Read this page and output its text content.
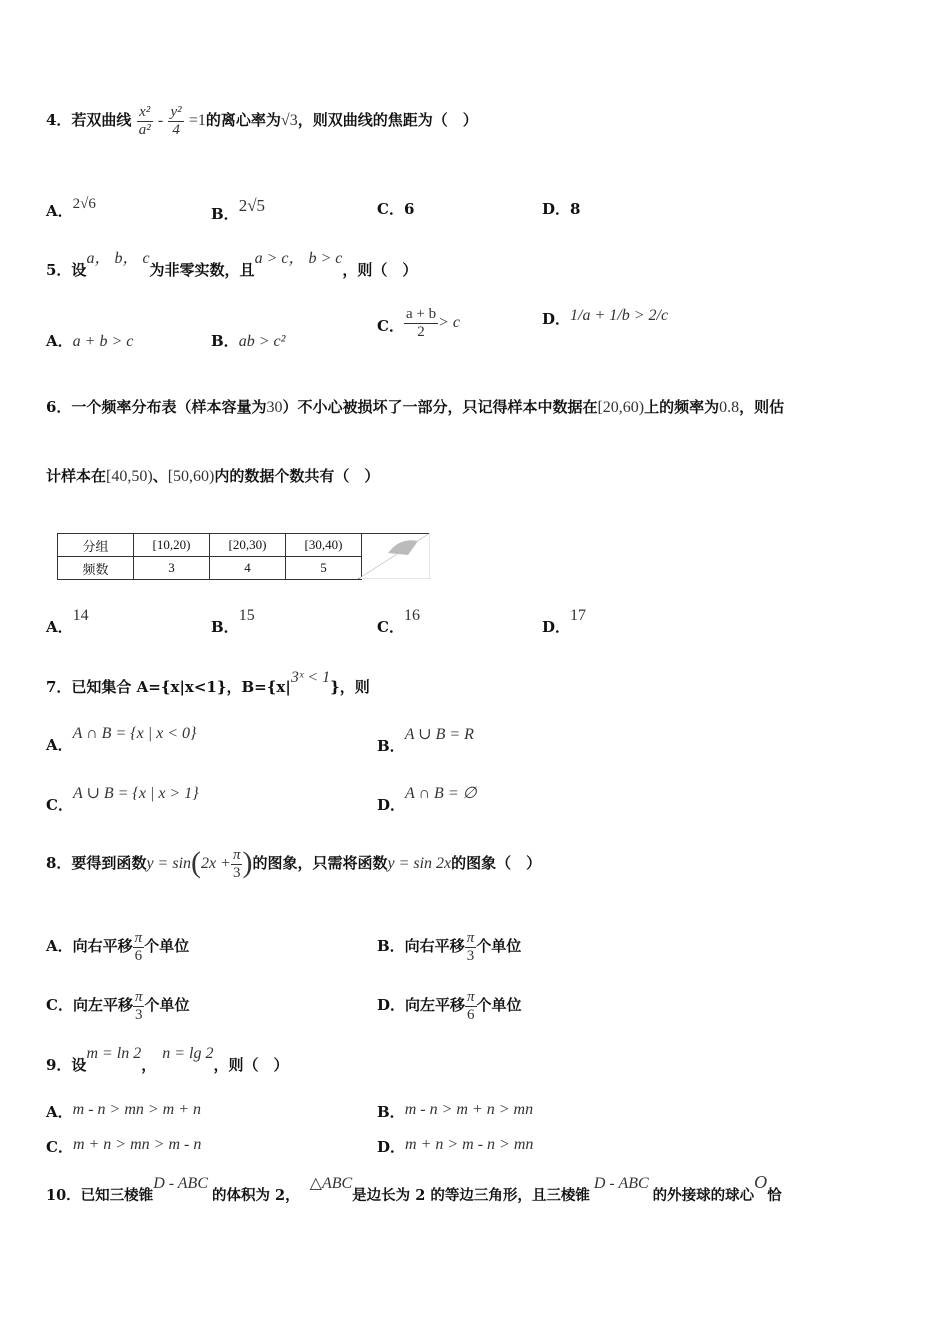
4．若双曲线 $\frac{\text{x²}}{\text{a²}} - \frac{\text{y²}}{4} =1$的离心率为√3，则双曲线的焦距为（　）
A．2√6
B．2√5	C．6	D．8
5．设a， b， c为非零实数，且a > c， b > c，则（　）
A．a + b > c	B．ab > c²
C． $\frac{a + b}{2} > c$	D．1/a + 1/b > 2/c
6．一个频率分布表（样本容量为30）不小心被损坏了一部分，只记得样本中数据在[20,60)上的频率为0.8，则估
计样本在[40,50)、[50,60)内的数据个数共有（　）
分组	[10,20)	[20,30)	[30,40)
频数	3	4	5
A．14
B．15
C．16
D．17
7．已知集合 A={x|x<1}，B={x|3ˣ < 1}，则
A．A ∩ B = {x | x < 0}
B．A ∪ B = R
C．A ∪ B = {x | x > 1}
D．A ∩ B = ∅
8．要得到函数$y = \sin(2x + \frac{\pi}{3}$ )的图象，只需将函数y = sin 2x的图象（　）
A．向右平移 $\frac{\pi}{6}$ 个单位	B．向右平移 $\frac{\pi}{3}$ 个单位
C．向左平移 $\frac{\pi}{3}$ 个单位	D．向左平移 $\frac{\pi}{6}$ 个单位
9．设m = ln 2，n = lg 2，则（　）
A．m - n > mn > m + n	B．m - n > m + n > mn
C．m + n > mn > m - n	D．m + n > m - n > mn
10．已知三棱锥D - ABC的体积为 2，△ABC是边长为 2 的等边三角形，且三棱锥D - ABC的外接球的球心O恰
